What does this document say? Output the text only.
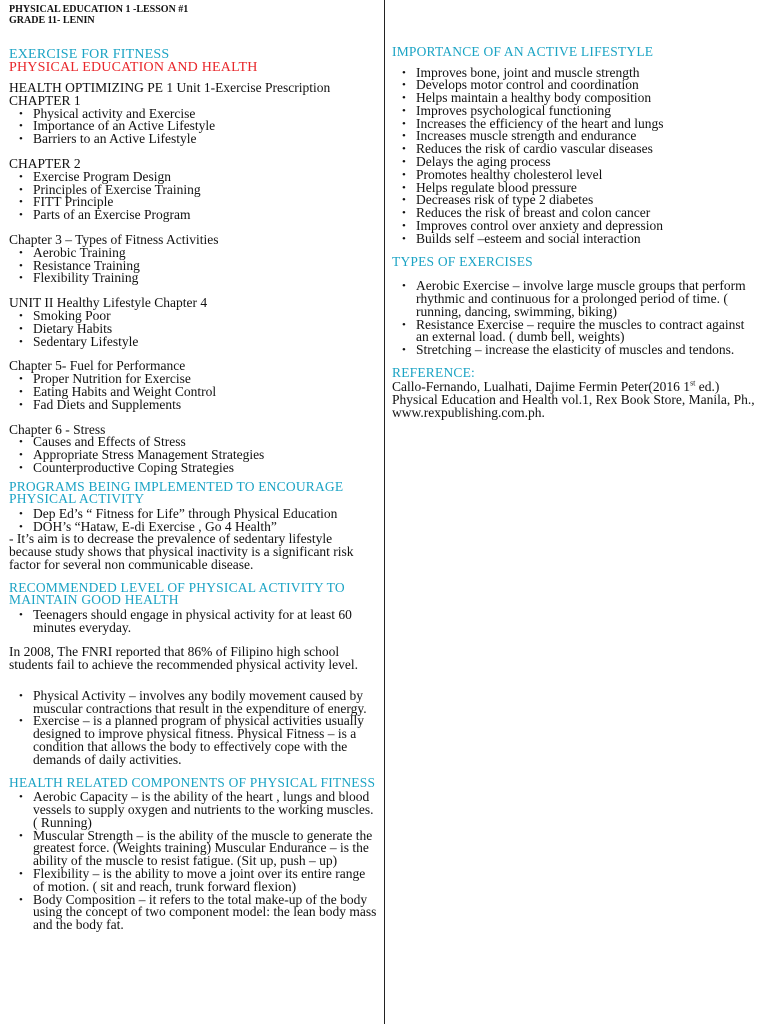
PHYSICAL EDUCATION 1 -LESSON #1
GRADE 11- LENIN
EXERCISE FOR FITNESS
PHYSICAL EDUCATION AND HEALTH
HEALTH OPTIMIZING PE 1 Unit 1-Exercise Prescription
CHAPTER 1
• Physical activity and Exercise
• Importance of an Active Lifestyle
• Barriers to an Active Lifestyle
CHAPTER 2
• Exercise Program Design
• Principles of Exercise Training
• FITT Principle
• Parts of an Exercise Program
Chapter 3 – Types of Fitness Activities
• Aerobic Training
• Resistance Training
• Flexibility Training
UNIT II Healthy Lifestyle Chapter 4
• Smoking Poor
• Dietary Habits
• Sedentary Lifestyle
Chapter 5- Fuel for Performance
• Proper Nutrition for Exercise
• Eating Habits and Weight Control
• Fad Diets and Supplements
Chapter 6 - Stress
• Causes and Effects of Stress
• Appropriate Stress Management Strategies
• Counterproductive Coping Strategies
PROGRAMS BEING IMPLEMENTED TO ENCOURAGE PHYSICAL ACTIVITY
• Dep Ed’s “ Fitness for Life” through Physical Education
• DOH’s “Hataw, E-di Exercise , Go 4 Health”
- It’s aim is to decrease the prevalence of sedentary lifestyle because study shows that physical inactivity is a significant risk factor for several non communicable disease.
RECOMMENDED LEVEL OF PHYSICAL ACTIVITY TO MAINTAIN GOOD HEALTH
• Teenagers should engage in physical activity for at least 60 minutes everyday.
In 2008, The FNRI reported that 86% of Filipino high school students fail to achieve the recommended physical activity level.
• Physical Activity – involves any bodily movement caused by muscular contractions that result in the expenditure of energy.
• Exercise – is a planned program of physical activities usually designed to improve physical fitness. Physical Fitness – is a condition that allows the body to effectively cope with the demands of daily activities.
HEALTH RELATED COMPONENTS OF PHYSICAL FITNESS
• Aerobic Capacity – is the ability of the heart , lungs and blood vessels to supply oxygen and nutrients to the working muscles. ( Running)
• Muscular Strength – is the ability of the muscle to generate the greatest force. (Weights training) Muscular Endurance – is the ability of the muscle to resist fatigue. (Sit up, push – up)
• Flexibility – is the ability to move a joint over its entire range of motion. ( sit and reach, trunk forward flexion)
• Body Composition – it refers to the total make-up of the body using the concept of two component model: the lean body mass and the body fat.
IMPORTANCE OF AN ACTIVE LIFESTYLE
• Improves bone, joint and muscle strength
• Develops motor control and coordination
• Helps maintain a healthy body composition
• Improves psychological functioning
• Increases the efficiency of the heart and lungs
• Increases muscle strength and endurance
• Reduces the risk of cardio vascular diseases
• Delays the aging process
• Promotes healthy cholesterol level
• Helps regulate blood pressure
• Decreases risk of type 2 diabetes
• Reduces the risk of breast and colon cancer
• Improves control over anxiety and depression
• Builds self –esteem and social interaction
TYPES OF EXERCISES
• Aerobic Exercise – involve large muscle groups that perform rhythmic and continuous for a prolonged period of time. ( running, dancing, swimming, biking)
• Resistance Exercise – require the muscles to contract against an external load. ( dumb bell, weights)
• Stretching – increase the elasticity of muscles and tendons.
REFERENCE:
Callo-Fernando, Lualhati, Dajime Fermin Peter(2016 1st ed.) Physical Education and Health vol.1, Rex Book Store, Manila, Ph., www.rexpublishing.com.ph.
